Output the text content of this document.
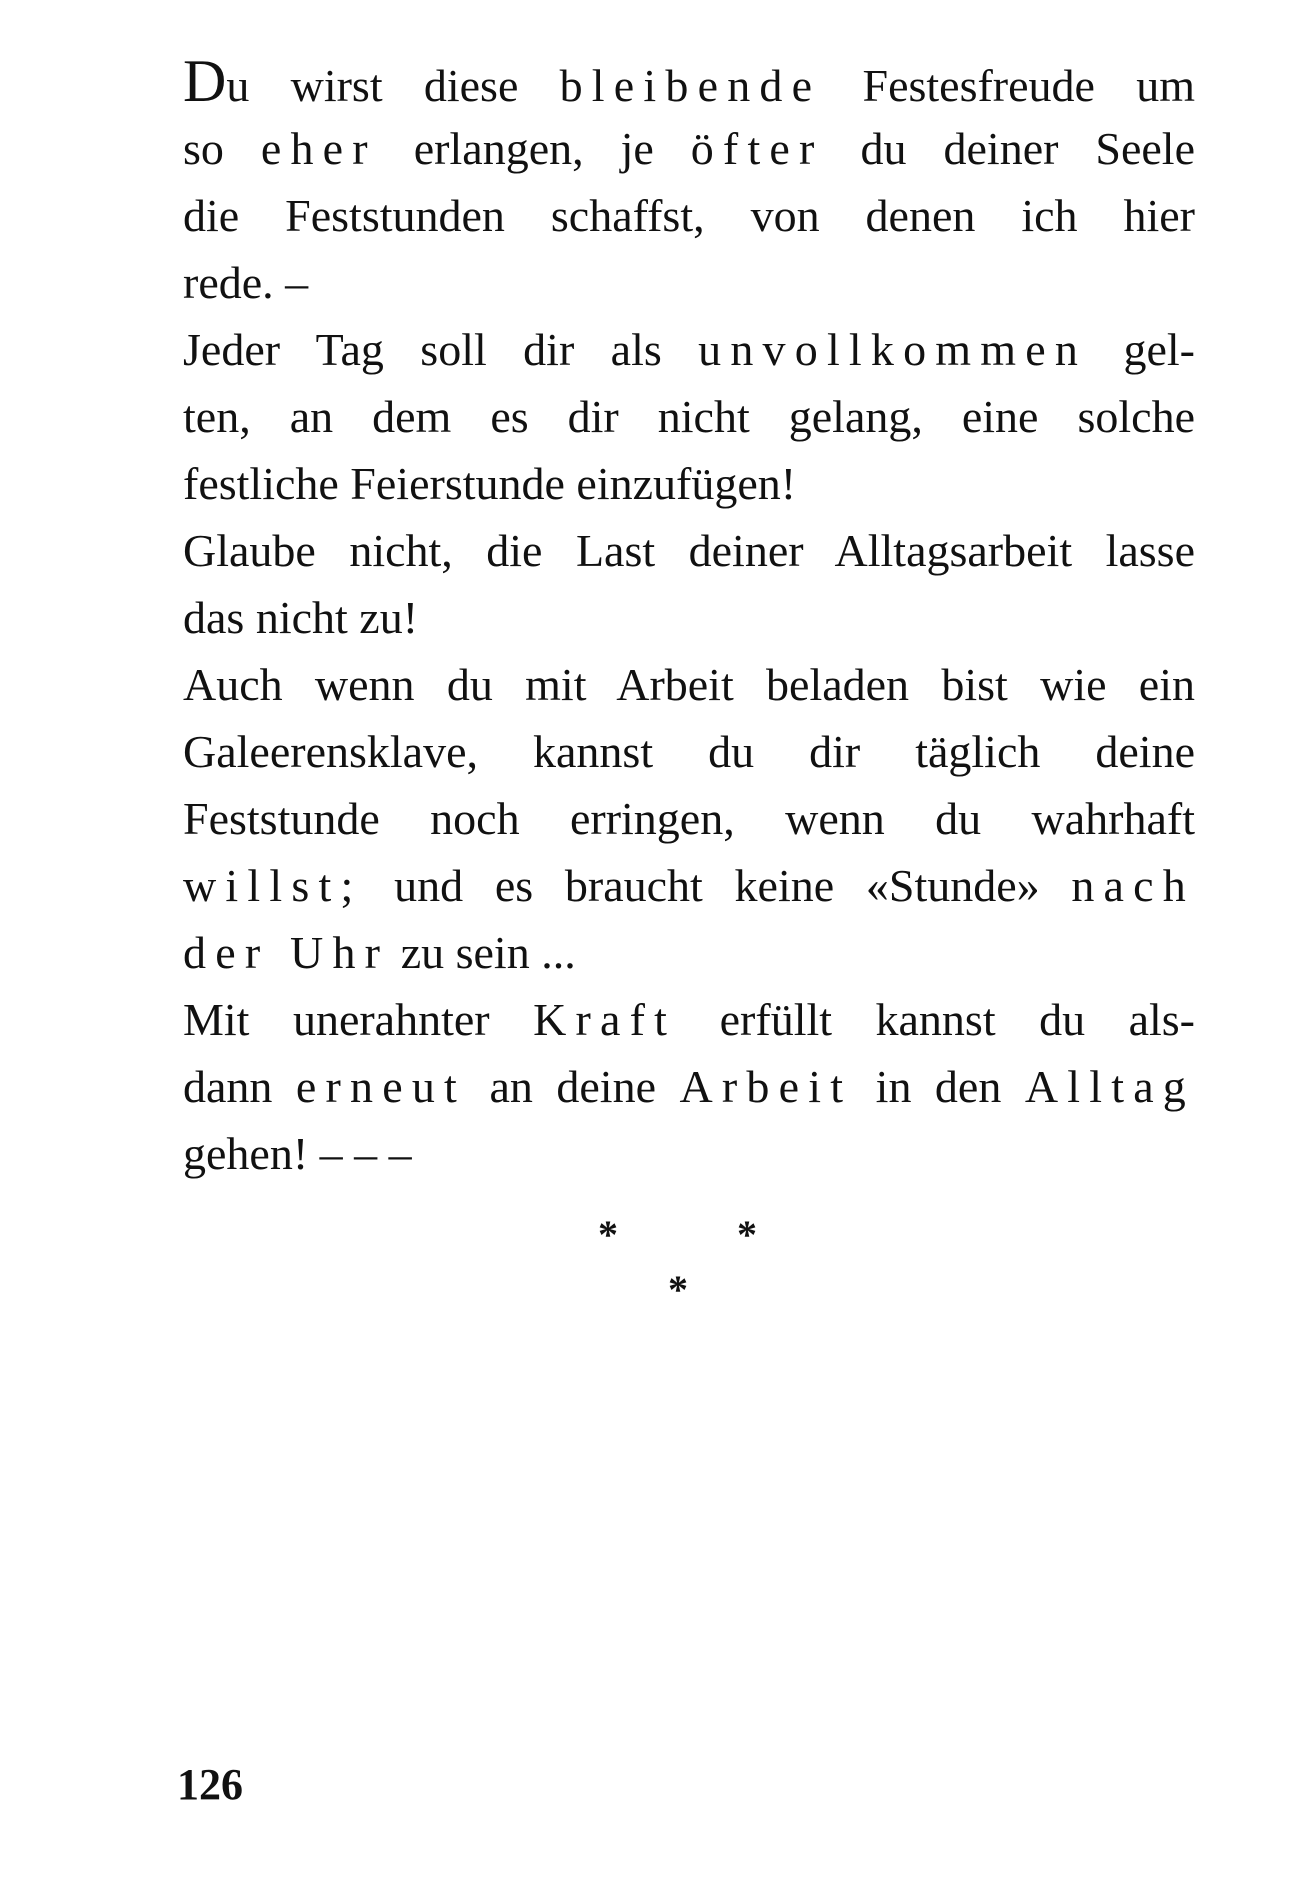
Du wirst diese bleibende Festesfreude um
so eher erlangen, je öfter du deiner Seele
die Feststunden schaffst, von denen ich hier
rede. –
Jeder Tag soll dir als unvollkommen gel-
ten, an dem es dir nicht gelang, eine solche
festliche Feierstunde einzufügen!
Glaube nicht, die Last deiner Alltagsarbeit lasse
das nicht zu!
Auch wenn du mit Arbeit beladen bist wie ein
Galeerensklave, kannst du dir täglich deine
Feststunde noch erringen, wenn du wahrhaft
willst; und es braucht keine «Stunde» nach
der Uhr zu sein ...
Mit unerahnter Kraft erfüllt kannst du als-
dann erneut an deine Arbeit in den Alltag
gehen! – – –
*	*
*
126
